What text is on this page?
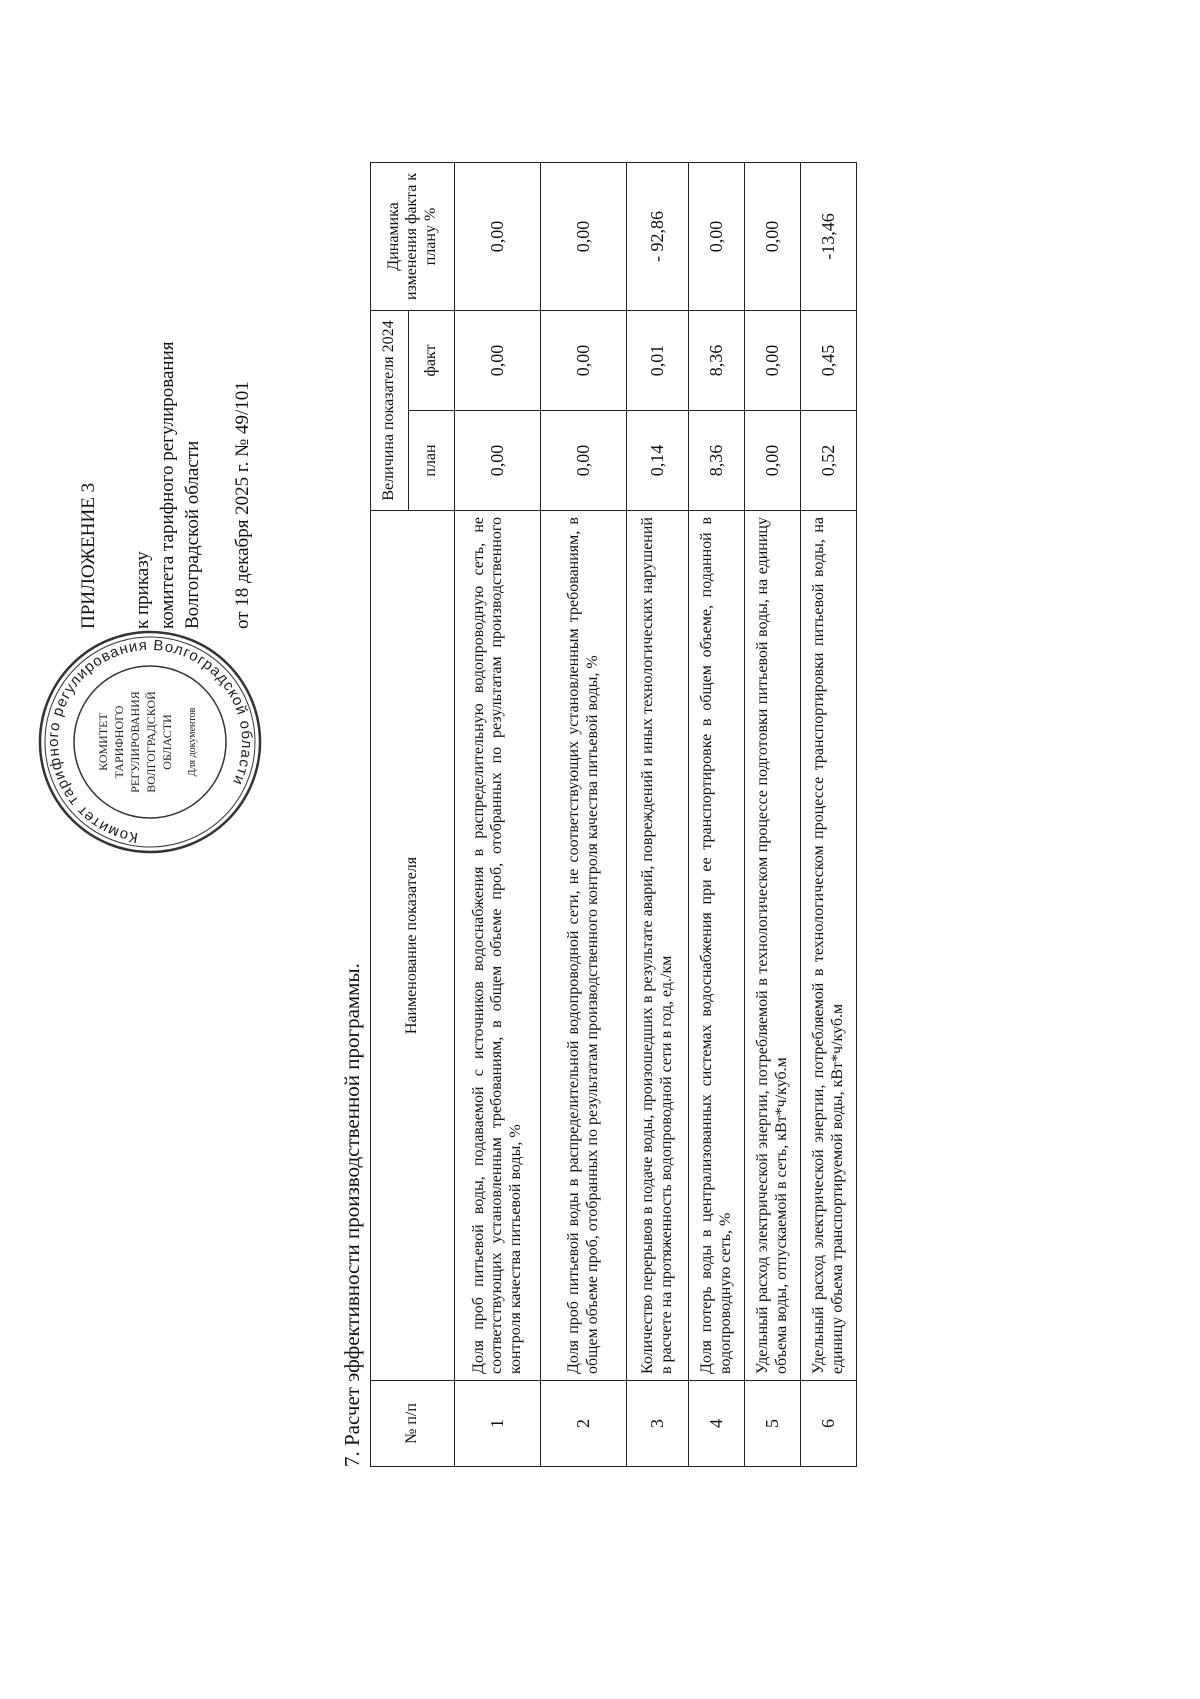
ПРИЛОЖЕНИЕ 3 к приказу комитета тарифного регулирования Волгоградской области от 18 декабря 2025 г. № 49/101
Комитет тарифного регулирования Волгоградской области
КОМИТЕТ ТАРИФНОГО РЕГУЛИРОВАНИЯ ВОЛГОГРАДСКОЙ ОБЛАСТИ Для документов
7. Расчет эффективности производственной программы. № п/п	Наименование показателя	Величина показателя 2024		Динамика изменения факта к плану %
		план	факт	
1	Доля проб питьевой воды, подаваемой с источников водоснабжения в распределительную водопроводную сеть, не соответствующих установленным требованиям, в общем объеме проб, отобранных по результатам производственного контроля качества питьевой воды, %	0,00	0,00	0,00
2	Доля проб питьевой воды в распределительной водопроводной сети, не соответствующих установленным требованиям, в общем объеме проб, отобранных по результатам производственного контроля качества питьевой воды, %	0,00	0,00	0,00
3	Количество перерывов в подаче воды, произошедших в результате аварий, повреждений и иных технологических нарушений в расчете на протяженность водопроводной сети в год, ед./км	0,14	0,01	- 92,86
4	Доля потерь воды в централизованных системах водоснабжения при ее транспортировке в общем объеме, поданной в водопроводную сеть, %	8,36	8,36	0,00
5	Удельный расход электрической энергии, потребляемой в технологическом процессе подготовки питьевой воды, на единицу объема воды, отпускаемой в сеть, кВт*ч/куб.м	0,00	0,00	0,00
6	Удельный расход электрической энергии, потребляемой в технологическом процессе транспортировки питьевой воды, на единицу объема транспортируемой воды, кВт*ч/куб.м	0,52	0,45	-13,46
